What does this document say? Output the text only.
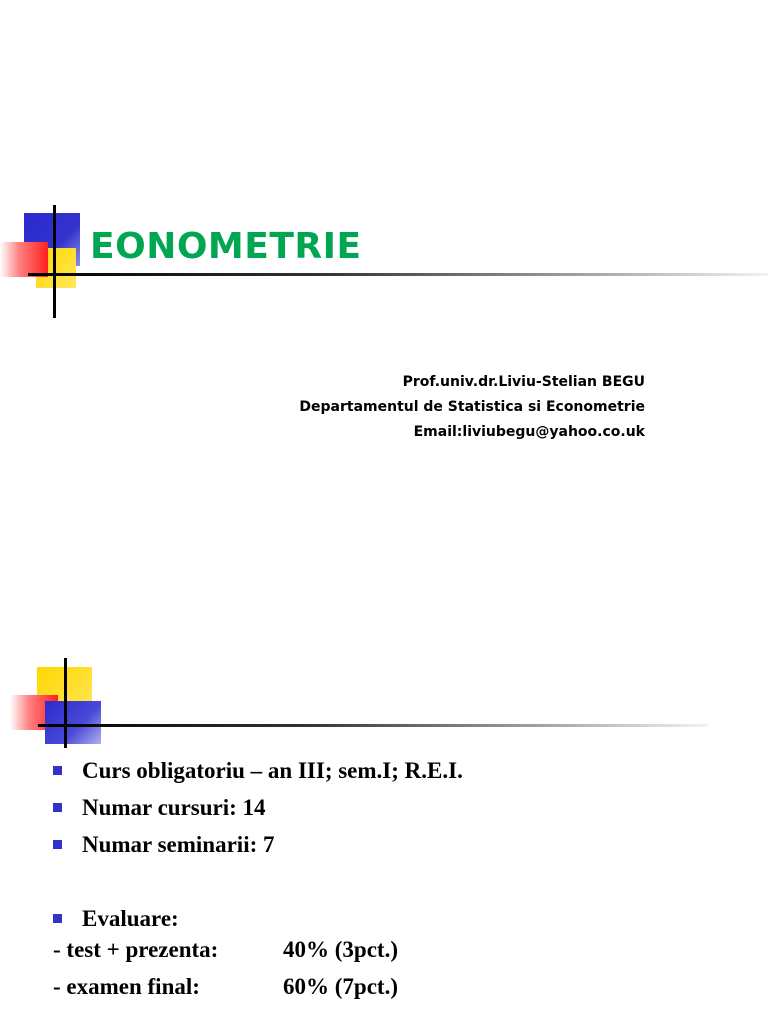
EONOMETRIE
Prof.univ.dr.Liviu-Stelian BEGU
Departamentul de Statistica si Econometrie
Email:liviubegu@yahoo.co.uk
Curs obligatoriu – an III; sem.I; R.E.I.
Numar cursuri: 14
Numar seminarii: 7
Evaluare:
- test + prezenta:	40% (3pct.)
- examen final:	60% (7pct.)
